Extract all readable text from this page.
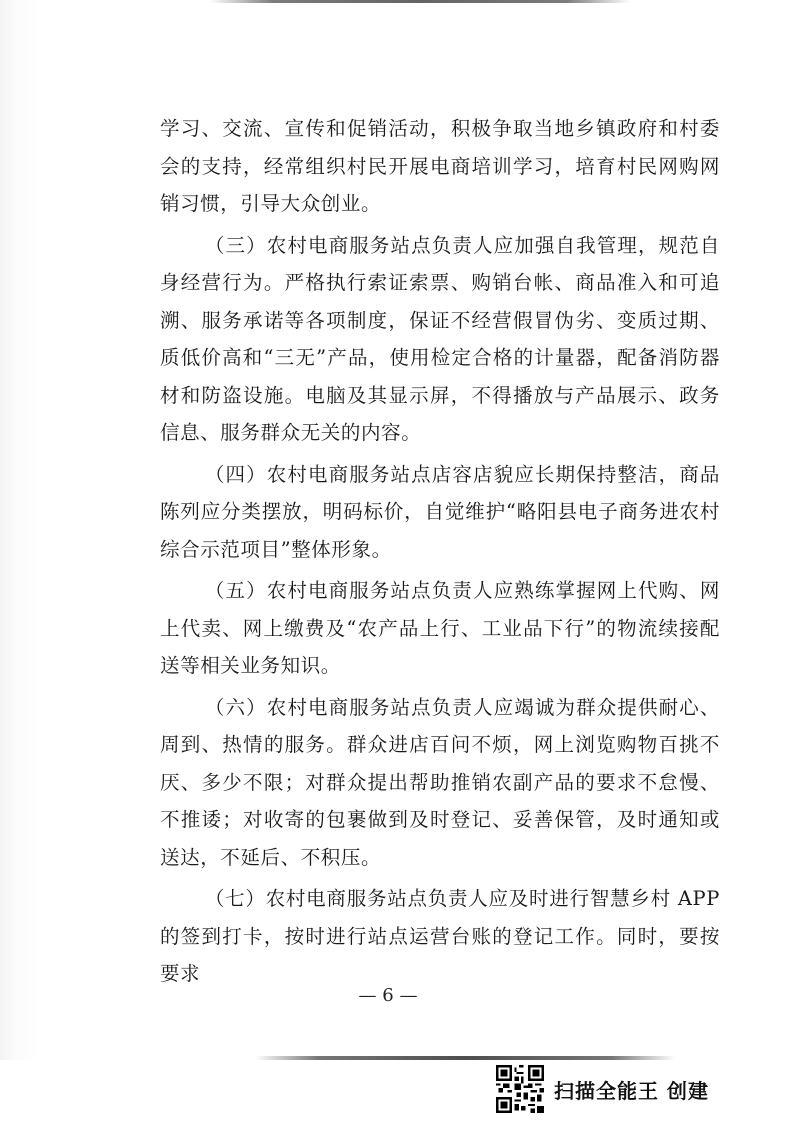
学习、交流、宣传和促销活动，积极争取当地乡镇政府和村委会的支持，经常组织村民开展电商培训学习，培育村民网购网销习惯，引导大众创业。

（三）农村电商服务站点负责人应加强自我管理，规范自身经营行为。严格执行索证索票、购销台帐、商品准入和可追溯、服务承诺等各项制度，保证不经营假冒伪劣、变质过期、质低价高和“三无”产品，使用检定合格的计量器，配备消防器材和防盗设施。电脑及其显示屏，不得播放与产品展示、政务信息、服务群众无关的内容。

（四）农村电商服务站点店容店貌应长期保持整洁，商品陈列应分类摆放，明码标价，自觉维护“略阳县电子商务进农村综合示范项目”整体形象。

（五）农村电商服务站点负责人应熟练掌握网上代购、网上代卖、网上缴费及“农产品上行、工业品下行”的物流续接配送等相关业务知识。

（六）农村电商服务站点负责人应竭诚为群众提供耐心、周到、热情的服务。群众进店百问不烦，网上浏览购物百挑不厌、多少不限；对群众提出帮助推销农副产品的要求不怠慢、不推诿；对收寄的包裹做到及时登记、妥善保管，及时通知或送达，不延后、不积压。

（七）农村电商服务站点负责人应及时进行智慧乡村 APP 的签到打卡，按时进行站点运营台账的登记工作。同时，要按要求

— 6 —
扫描全能王 创建
